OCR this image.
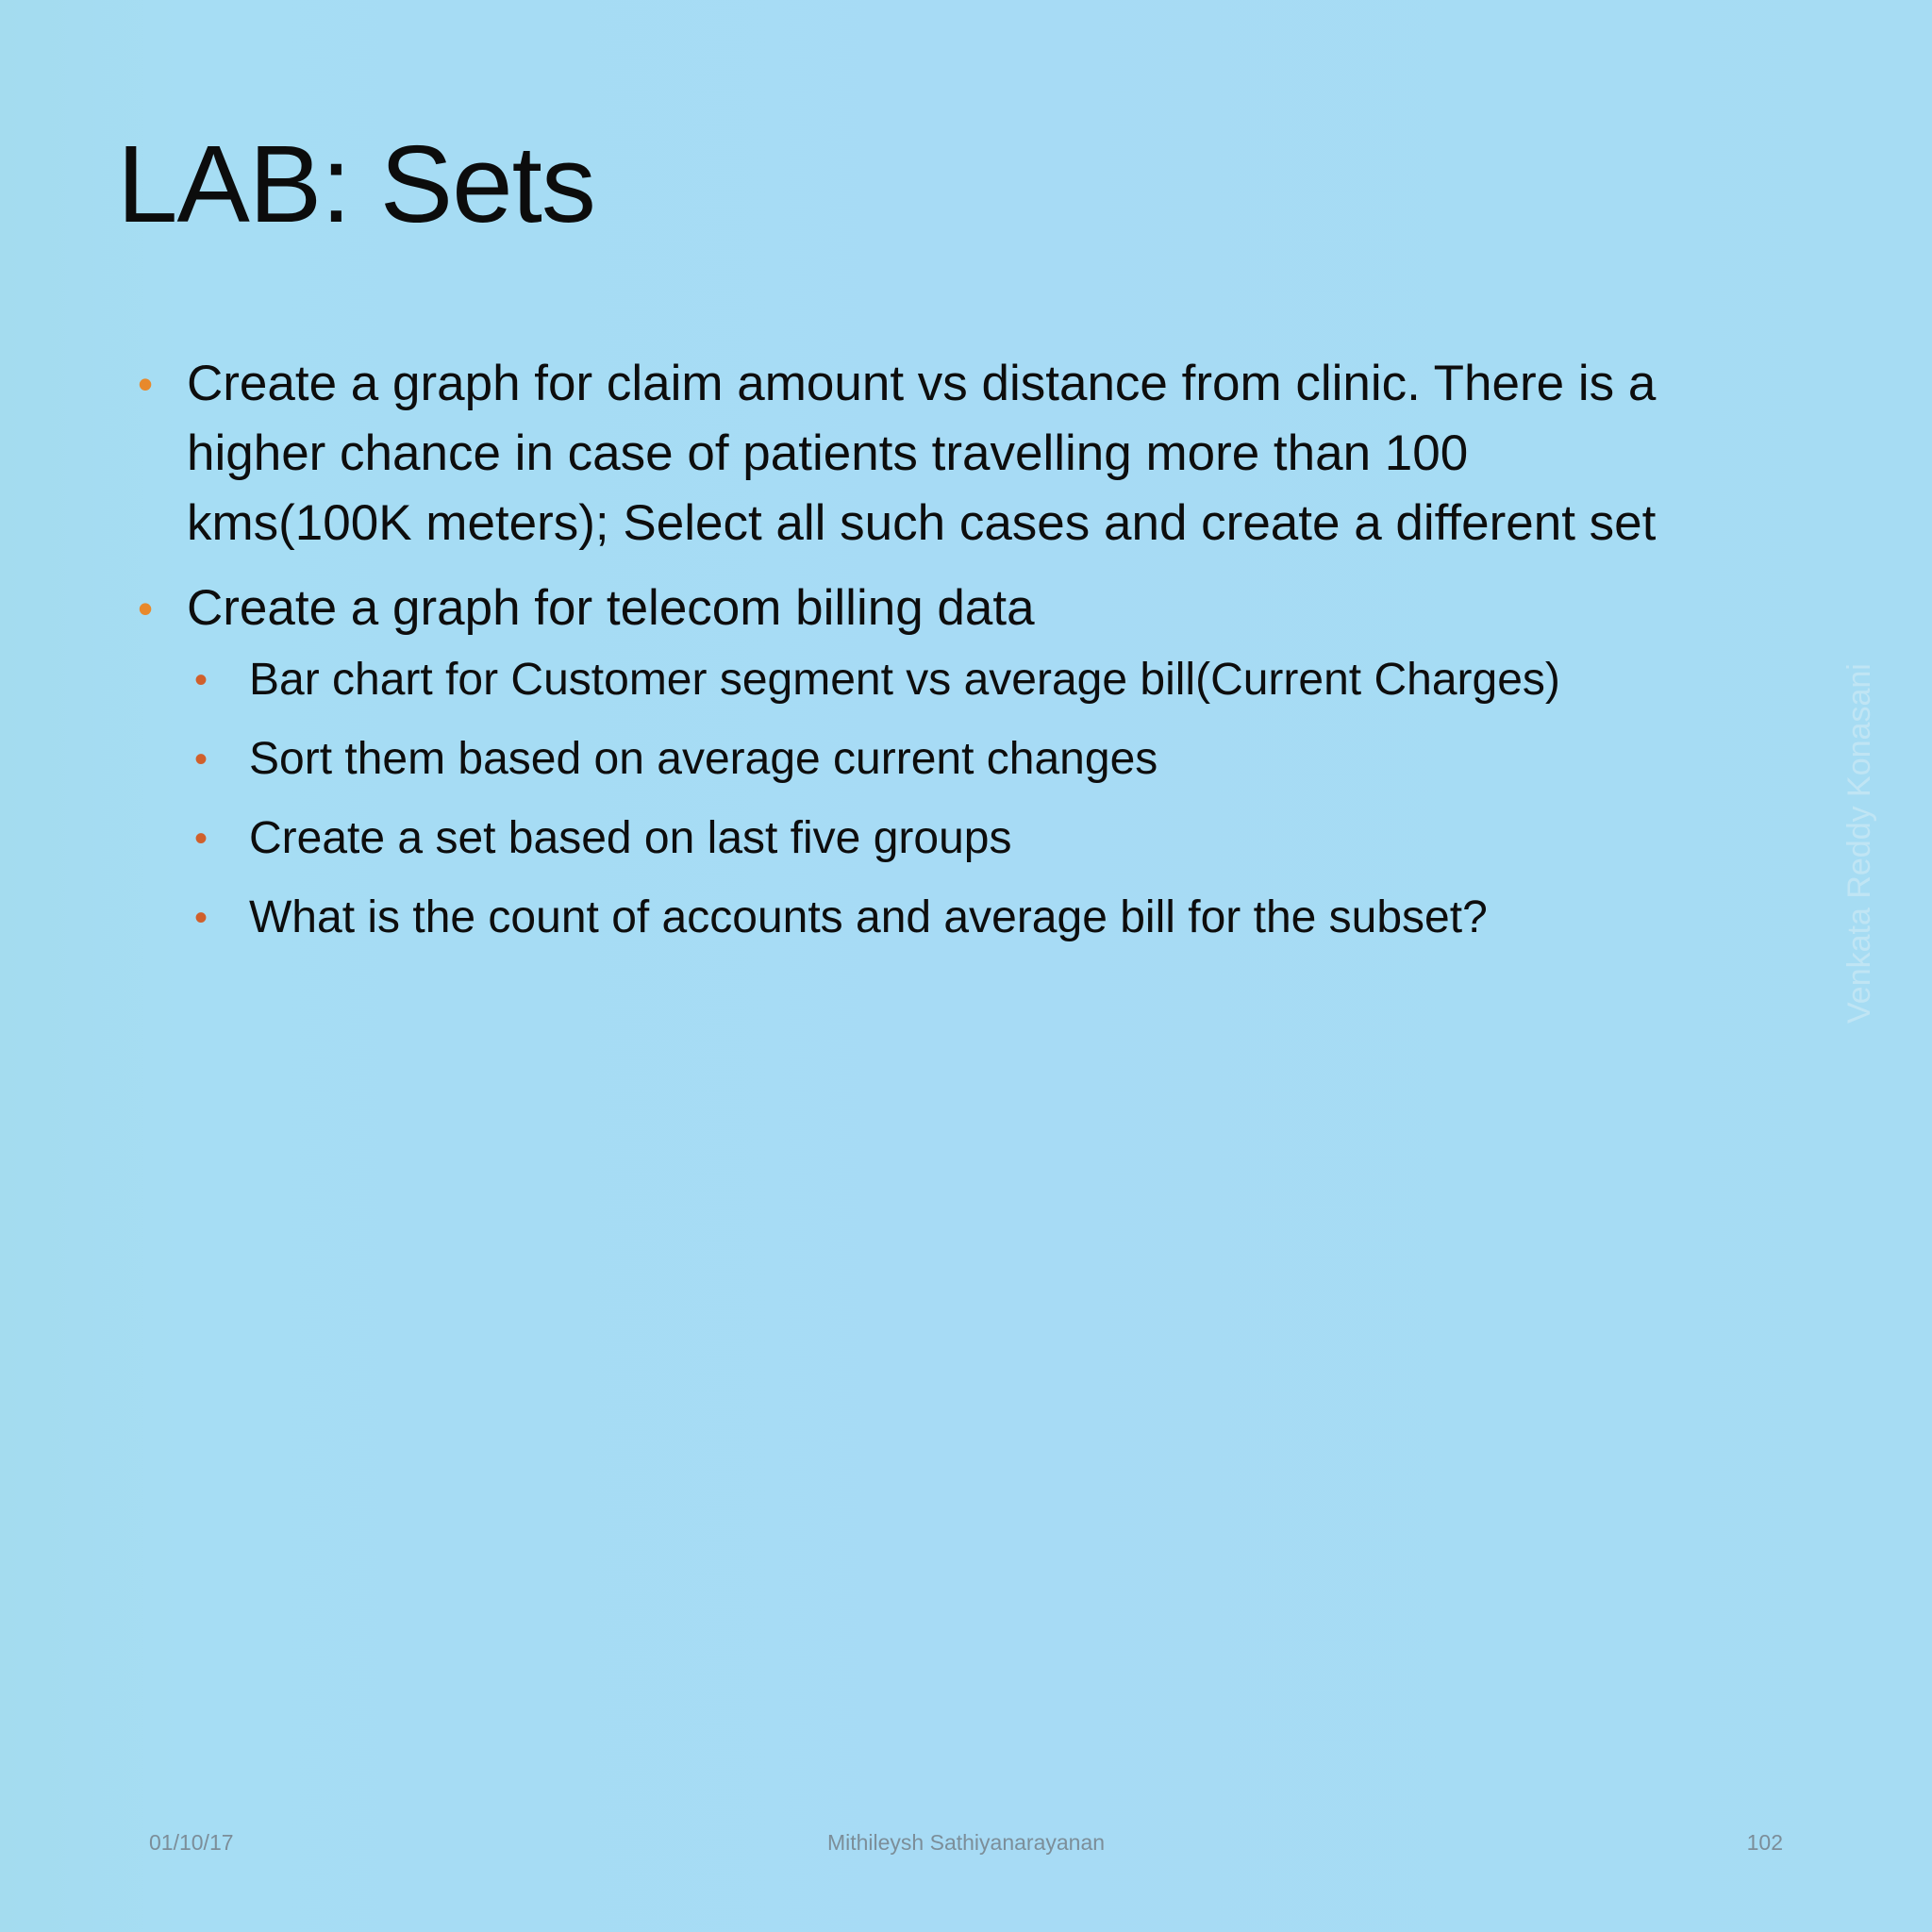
LAB: Sets
• Create a graph for claim amount vs distance from clinic. There is a higher chance in case of patients travelling more than 100 kms(100K meters); Select all such cases and create a different set
• Create a graph for telecom billing data
• Bar chart for Customer segment vs average bill(Current Charges)
• Sort them based on average current changes
• Create a set based on last five groups
• What is the count of accounts and average bill for the subset?	Venkata Reddy Konasani
01/10/17	Mithileysh Sathiyanarayanan	102
